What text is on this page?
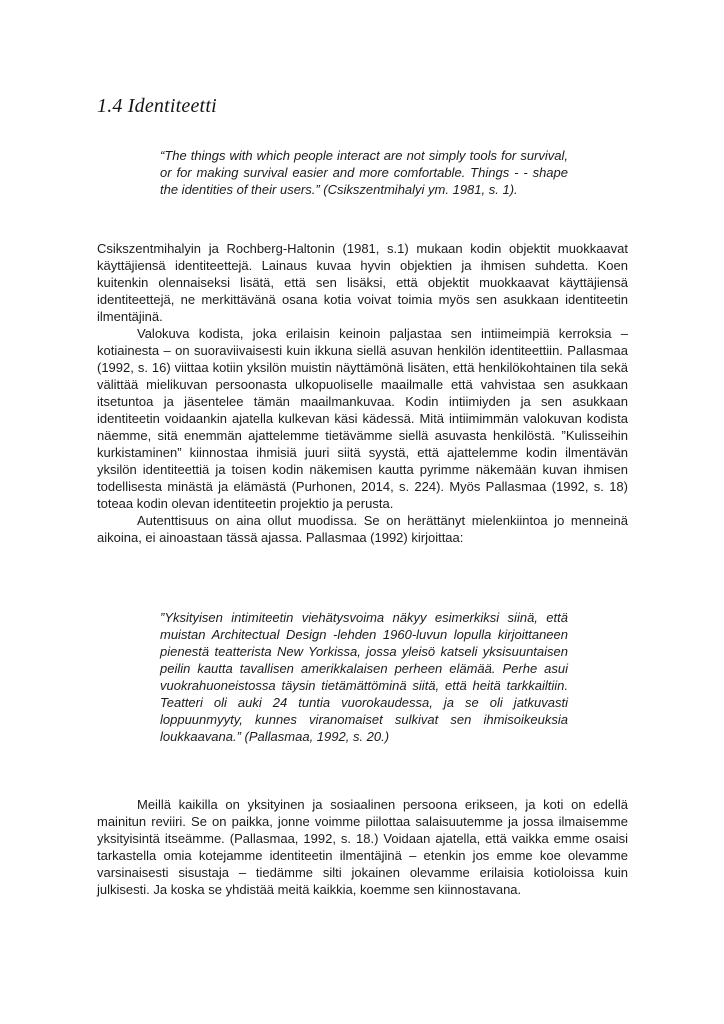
1.4 Identiteetti
“The things with which people interact are not simply tools for survival, or for making survival easier and more comfortable. Things - - shape the identities of their users.” (Csikszentmihalyi ym. 1981, s. 1).

Csikszentmihalyin ja Rochberg-Haltonin (1981, s.1) mukaan kodin objektit muokkaavat käyttäjiensä identiteettejä. Lainaus kuvaa hyvin objektien ja ihmisen suhdetta. Koen kuitenkin olennaiseksi lisätä, että sen lisäksi, että objektit muokkaavat käyttäjiensä identiteettejä, ne merkittävänä osana kotia voivat toimia myös sen asukkaan identiteetin ilmentäjinä.

Valokuva kodista, joka erilaisin keinoin paljastaa sen intiimeimpiä kerroksia – kotiainesta – on suoraviivaisesti kuin ikkuna siellä asuvan henkilön identiteettiin. Pallasmaa (1992, s. 16) viittaa kotiin yksilön muistin näyttämönä lisäten, että henkilökohtainen tila sekä välittää mielikuvan persoonasta ulkopuoliselle maailmalle että vahvistaa sen asukkaan itsetuntoa ja jäsentelee tämän maailmankuvaa. Kodin intiimiyden ja sen asukkaan identiteetin voidaankin ajatella kulkevan käsi kädessä. Mitä intiimimmän valokuvan kodista näemme, sitä enemmän ajattelemme tietävämme siellä asuvasta henkilöstä. ”Kulisseihin kurkistaminen” kiinnostaa ihmisiä juuri siitä syystä, että ajattelemme kodin ilmentävän yksilön identiteettiä ja toisen kodin näkemisen kautta pyrimme näkemään kuvan ihmisen todellisesta minästä ja elämästä (Purhonen, 2014, s. 224). Myös Pallasmaa (1992, s. 18) toteaa kodin olevan identiteetin projektio ja perusta.

Autenttisuus on aina ollut muodissa. Se on herättänyt mielenkiintoa jo menneinä aikoina, ei ainoastaan tässä ajassa. Pallasmaa (1992) kirjoittaa:

”Yksityisen intimiteetin viehätysvoima näkyy esimerkiksi siinä, että muistan Architectual Design -lehden 1960-luvun lopulla kirjoittaneen pienestä teatterista New Yorkissa, jossa yleisö katseli yksisuuntaisen peilin kautta tavallisen amerikkalaisen perheen elämää. Perhe asui vuokrahuoneistossa täysin tietämättöminä siitä, että heitä tarkkailtiin. Teatteri oli auki 24 tuntia vuorokaudessa, ja se oli jatkuvasti loppuunmyyty, kunnes viranomaiset sulkivat sen ihmisoikeuksia loukkaavana.” (Pallasmaa, 1992, s. 20.)

Meillä kaikilla on yksityinen ja sosiaalinen persoona erikseen, ja koti on edellä mainitun reviiri. Se on paikka, jonne voimme piilottaa salaisuutemme ja jossa ilmaisemme yksityisintä itseämme. (Pallasmaa, 1992, s. 18.) Voidaan ajatella, että vaikka emme osaisi tarkastella omia kotejamme identiteetin ilmentäjinä – etenkin jos emme koe olevamme varsinaisesti sisustaja – tiedämme silti jokainen olevamme erilaisia kotioloissa kuin julkisesti. Ja koska se yhdistää meitä kaikkia, koemme sen kiinnostavana.
